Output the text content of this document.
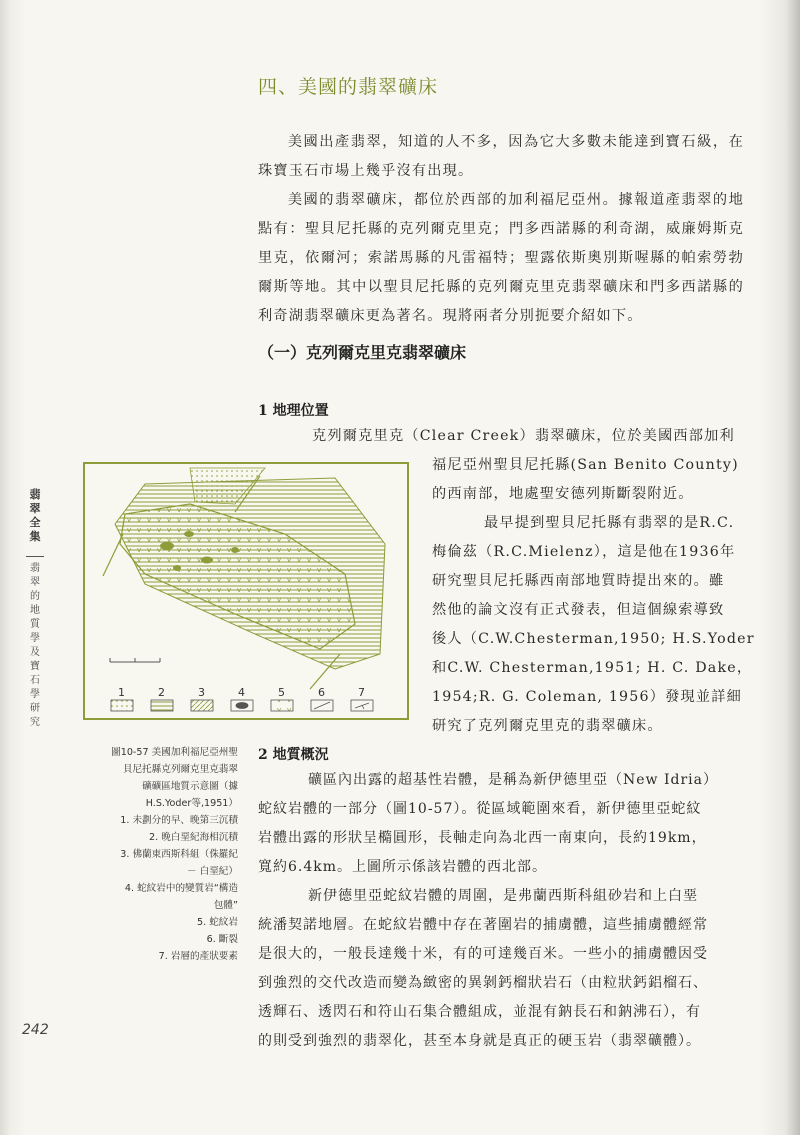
四、美國的翡翠礦床

美國出產翡翠，知道的人不多，因為它大多數未能達到寶石級，在珠寶玉石市場上幾乎沒有出現。

美國的翡翠礦床，都位於西部的加利福尼亞州。據報道產翡翠的地點有：聖貝尼托縣的克列爾克里克；門多西諾縣的利奇湖，威廉姆斯克里克，依爾河；索諾馬縣的凡雷福特；聖露依斯奧別斯喔縣的帕索勞勃爾斯等地。其中以聖貝尼托縣的克列爾克里克翡翠礦床和門多西諾縣的利奇湖翡翠礦床更為著名。現將兩者分別扼要介紹如下。

（一）克列爾克里克翡翠礦床
1 地理位置
克列爾克里克（Clear Creek）翡翠礦床，位於美國西部加利
福尼亞州聖貝尼托縣(San Benito County)
的西南部，地處聖安德列斯斷裂附近。
最早提到聖貝尼托縣有翡翠的是R.C.
梅倫茲（R.C.Mielenz），這是他在1936年
研究聖貝尼托縣西南部地質時提出來的。雖
然他的論文沒有正式發表，但這個線索導致
後人（C.W.Chesterman,1950; H.S.Yoder
和C.W. Chesterman,1951; H. C. Dake，
1954;R. G. Coleman, 1956）發現並詳細
研究了克列爾克里克的翡翠礦床。
翡翠全集
翡翠的地質學及寶石學研究
1	2	3	4	5	6	7
圖10-57 美國加利福尼亞州聖
貝尼托縣克列爾克里克翡翠
礦礦區地質示意圖（據
H.S.Yoder等,1951）
1. 未劃分的早、晚第三沉積
2. 晚白堊紀海相沉積
3. 佛蘭東西斯科組（侏羅紀
－ 白堊紀）
4. 蛇紋岩中的變質岩“構造
包體”
5. 蛇紋岩
6. 斷裂
7. 岩層的產狀要素
2 地質概況
礦區內出露的超基性岩體，是稱為新伊德里亞（New Idria）
蛇紋岩體的一部分（圖10-57）。從區域範圍來看，新伊德里亞蛇紋
岩體出露的形狀呈橢圓形，長軸走向為北西一南東向，長約19km，
寬約6.4km。上圖所示係該岩體的西北部。
新伊德里亞蛇紋岩體的周圍，是弗蘭西斯科組砂岩和上白堊
統潘契諾地層。在蛇紋岩體中存在著圍岩的捕虜體，這些捕虜體經常
是很大的，一般長達幾十米，有的可達幾百米。一些小的捕虜體因受
到強烈的交代改造而變為緻密的異剝鈣榴狀岩石（由粒狀鈣鋁榴石、
透輝石、透閃石和符山石集合體組成，並混有鈉長石和鈉沸石），有
的則受到強烈的翡翠化，甚至本身就是真正的硬玉岩（翡翠礦體）。
242
